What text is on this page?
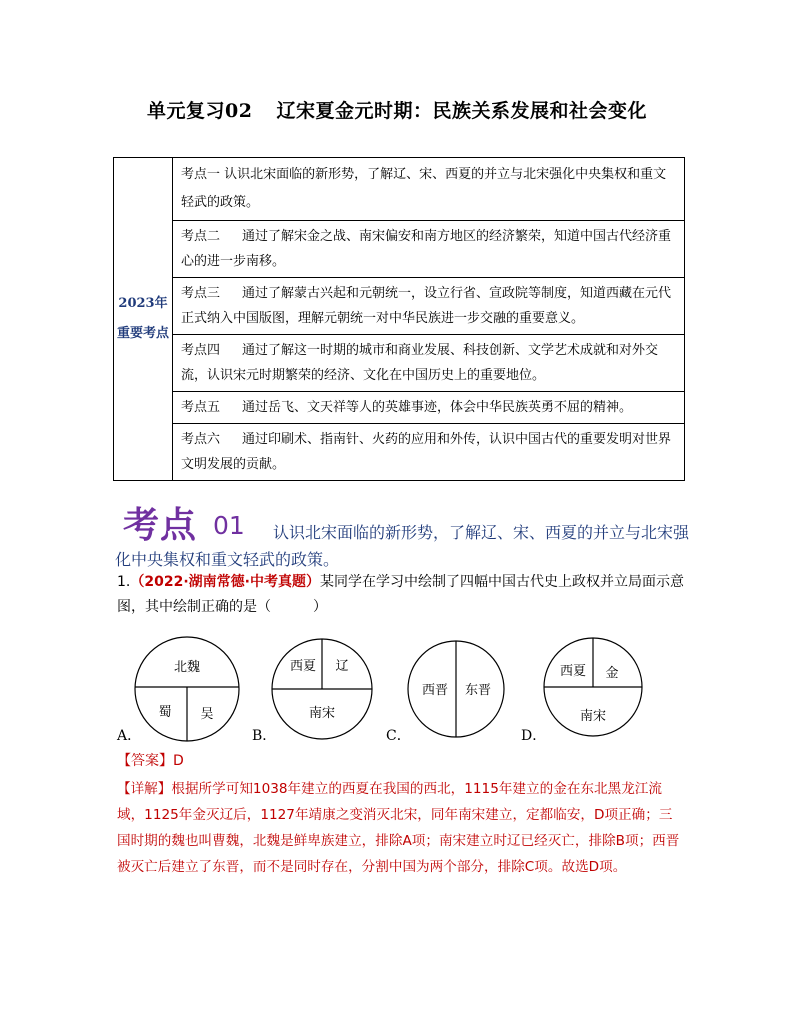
单元复习02 辽宋夏金元时期：民族关系发展和社会变化
2023年
重要考点
	考点一 认识北宋面临的新形势，了解辽、宋、西夏的并立与北宋强化中央集权和重文轻武的政策。
考点二 通过了解宋金之战、南宋偏安和南方地区的经济繁荣，知道中国古代经济重心的进一步南移。
考点三 通过了解蒙古兴起和元朝统一，设立行省、宣政院等制度，知道西藏在元代正式纳入中国版图，理解元朝统一对中华民族进一步交融的重要意义。
考点四 通过了解这一时期的城市和商业发展、科技创新、文学艺术成就和对外交流，认识宋元时期繁荣的经济、文化在中国历史上的重要地位。
考点五 通过岳飞、文天祥等人的英雄事迹，体会中华民族英勇不屈的精神。
考点六 通过印刷术、指南针、火药的应用和外传，认识中国古代的重要发明对世界文明发展的贡献。
考点 01	认识北宋面临的新形势，了解辽、宋、西夏的并立与北宋强化中央集权和重文轻武的政策。
1.（2022·湖南常德·中考真题）某同学在学习中绘制了四幅中国古代史上政权并立局面示意图，其中绘制正确的是（　　　）
北魏
蜀 吴
A．
西夏 辽
南宋
B．
西晋 东晋
C．
西夏 金
南宋
D．
【答案】D
【详解】根据所学可知1038年建立的西夏在我国的西北，1115年建立的金在东北黑龙江流域，1125年金灭辽后，1127年靖康之变消灭北宋，同年南宋建立，定都临安，D项正确；三国时期的魏也叫曹魏，北魏是鲜卑族建立，排除A项；南宋建立时辽已经灭亡，排除B项；西晋被灭亡后建立了东晋，而不是同时存在，分割中国为两个部分，排除C项。故选D项。
